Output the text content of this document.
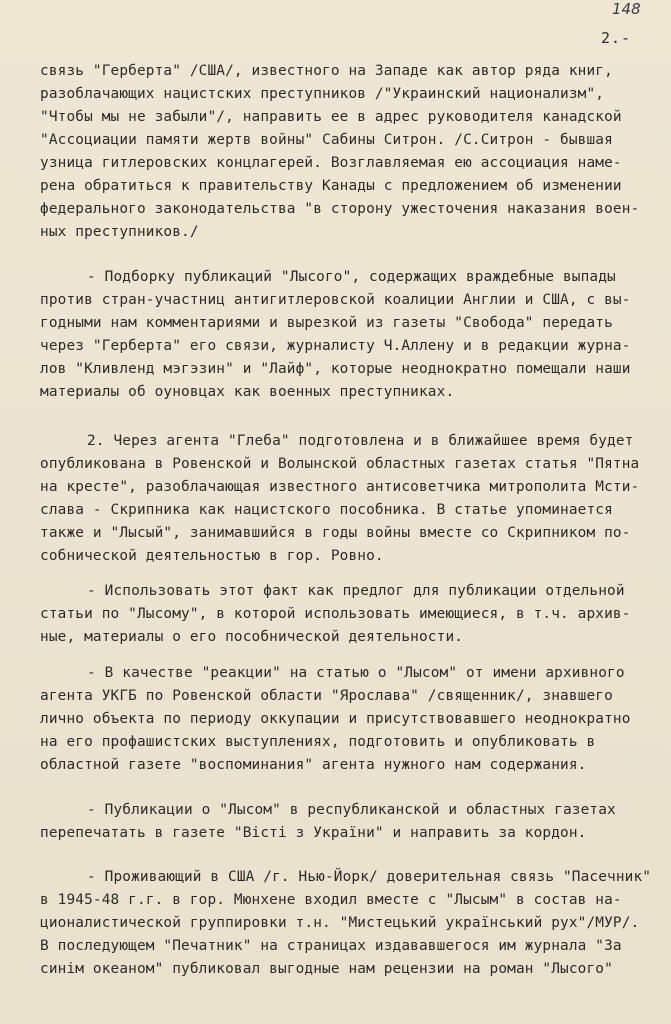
148
2.-
связь "Герберта" /США/, известного на Западе как автор ряда книг,
разоблачающих нацистских преступников /"Украинский национализм",
"Чтобы мы не забыли"/, направить ее в адрес руководителя канадской
"Ассоциации памяти жертв войны" Сабины Ситрон. /С.Ситрон - бывшая
узница гитлеровских концлагерей. Возглавляемая ею ассоциация наме-
рена обратиться к правительству Канады с предложением об изменении
федерального законодательства "в сторону ужесточения наказания воен-
ных преступников./
- Подборку публикаций "Лысого", содержащих враждебные выпады
против стран-участниц антигитлеровской коалиции Англии и США, с вы-
годными нам комментариями и вырезкой из газеты "Свобода" передать
через "Герберта" его связи, журналисту Ч.Аллену и в редакции журна-
лов "Кливленд мэгэзин" и "Лайф", которые неоднократно помещали наши
материалы об оуновцах как военных преступниках.
2. Через агента "Глеба" подготовлена и в ближайшее время будет
опубликована в Ровенской и Волынской областных газетах статья "Пятна
на кресте", разоблачающая известного антисоветчика митрополита Мсти-
слава - Скрипника как нацистского пособника. В статье упоминается
также и "Лысый", занимавшийся в годы войны вместе со Скрипником по-
собнической деятельностью в гор. Ровно.
- Использовать этот факт как предлог для публикации отдельной
статьи по "Лысому", в которой использовать имеющиеся, в т.ч. архив-
ные, материалы о его пособнической деятельности.
- В качестве "реакции" на статью о "Лысом" от имени архивного
агента УКГБ по Ровенской области "Ярослава" /священник/, знавшего
лично объекта по периоду оккупации и присутствовавшего неоднократно
на его профашистских выступлениях, подготовить и опубликовать в
областной газете "воспоминания" агента нужного нам содержания.
- Публикации о "Лысом" в республиканской и областных газетах
перепечатать в газете "Вiстi з України" и направить за кордон.
- Проживающий в США /г. Нью-Йорк/ доверительная связь "Пасечник"
в 1945-48 г.г. в гор. Мюнхене входил вместе с "Лысым" в состав на-
ционалистической группировки т.н. "Мистецький український рух"/МУР/.
В последующем "Печатник" на страницах издававшегося им журнала "За
синiм океаном" публиковал выгодные нам рецензии на роман "Лысого"
